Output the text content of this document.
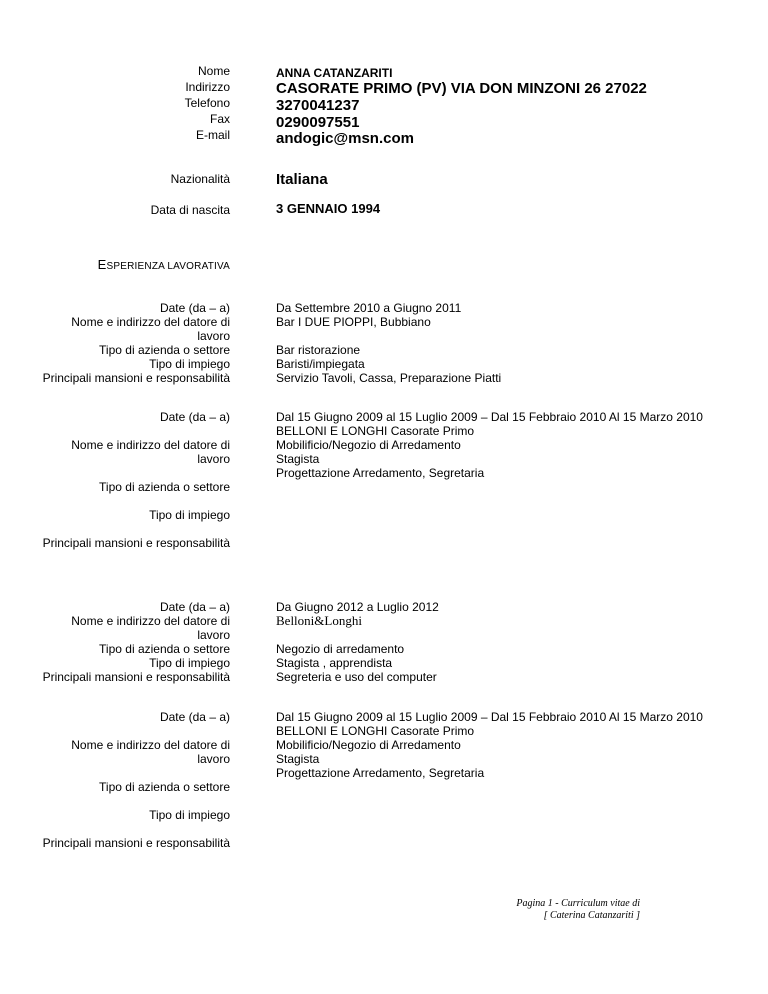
Nome
Indirizzo
Telefono
Fax
E-mail
ANNA CATANZARITI
CASORATE PRIMO (PV) VIA DON MINZONI 26 27022
3270041237
0290097551
andogic@msn.com
Nazionalità	Italiana
Data di nascita	3 GENNAIO 1994
ESPERIENZA LAVORATIVA
Date (da – a)
Nome e indirizzo del datore di
lavoro
Tipo di azienda o settore
Tipo di impiego
Principali mansioni e responsabilità
Da Settembre 2010 a Giugno 2011
Bar I DUE PIOPPI, Bubbiano
Bar ristorazione
Baristi/impiegata
Servizio Tavoli, Cassa, Preparazione Piatti
Date (da – a)
Nome e indirizzo del datore di
lavoro
Tipo di azienda o settore
Tipo di impiego
Principali mansioni e responsabilità
Dal 15 Giugno 2009 al 15 Luglio 2009 – Dal 15 Febbraio 2010 Al 15 Marzo 2010
BELLONI E LONGHI Casorate Primo
Mobilificio/Negozio di Arredamento
Stagista
Progettazione Arredamento, Segretaria
Date (da – a)
Nome e indirizzo del datore di
lavoro
Tipo di azienda o settore
Tipo di impiego
Principali mansioni e responsabilità
Da Giugno 2012 a Luglio 2012
Belloni&Longhi
Negozio di arredamento
Stagista , apprendista
Segreteria e uso del computer
Date (da – a)
Nome e indirizzo del datore di
lavoro
Tipo di azienda o settore
Tipo di impiego
Principali mansioni e responsabilità
Dal 15 Giugno 2009 al 15 Luglio 2009 – Dal 15 Febbraio 2010 Al 15 Marzo 2010
BELLONI E LONGHI Casorate Primo
Mobilificio/Negozio di Arredamento
Stagista
Progettazione Arredamento, Segretaria
Pagina 1 - Curriculum vitae di
[ Caterina Catanzariti ]
